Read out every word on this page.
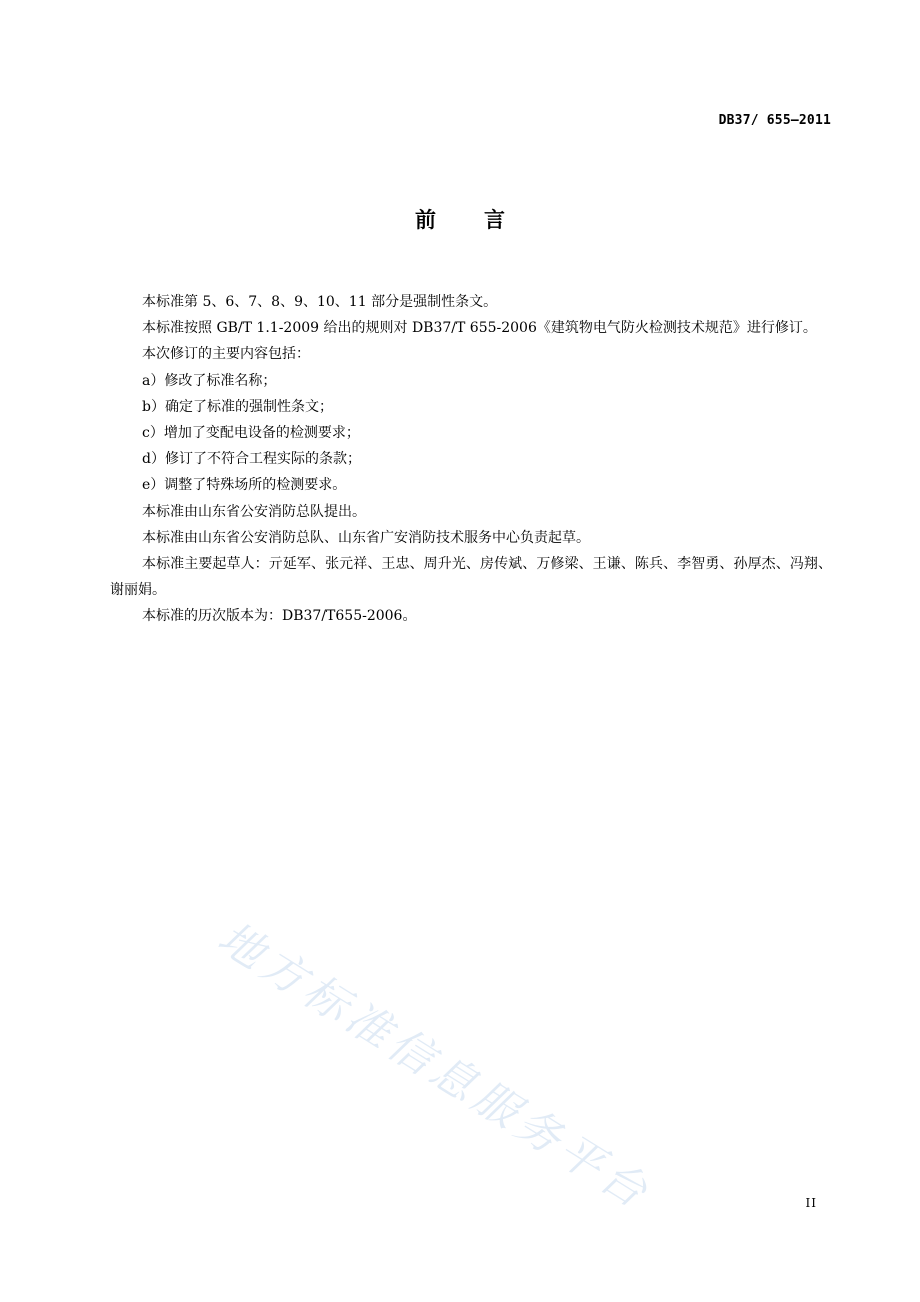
DB37/ 655—2011
前言

本标准第 5、6、7、8、9、10、11 部分是强制性条文。

本标准按照 GB/T 1.1-2009 给出的规则对 DB37/T 655-2006《建筑物电气防火检测技术规范》进行修订。

本次修订的主要内容包括：

a）修改了标准名称；

b）确定了标准的强制性条文；

c）增加了变配电设备的检测要求；

d）修订了不符合工程实际的条款；

e）调整了特殊场所的检测要求。

本标准由山东省公安消防总队提出。

本标准由山东省公安消防总队、山东省广安消防技术服务中心负责起草。

本标准主要起草人：亓延军、张元祥、王忠、周升光、房传斌、万修梁、王谦、陈兵、李智勇、孙厚杰、冯翔、谢丽娟。

本标准的历次版本为：DB37/T655-2006。

地方标准信息服务平台	II
